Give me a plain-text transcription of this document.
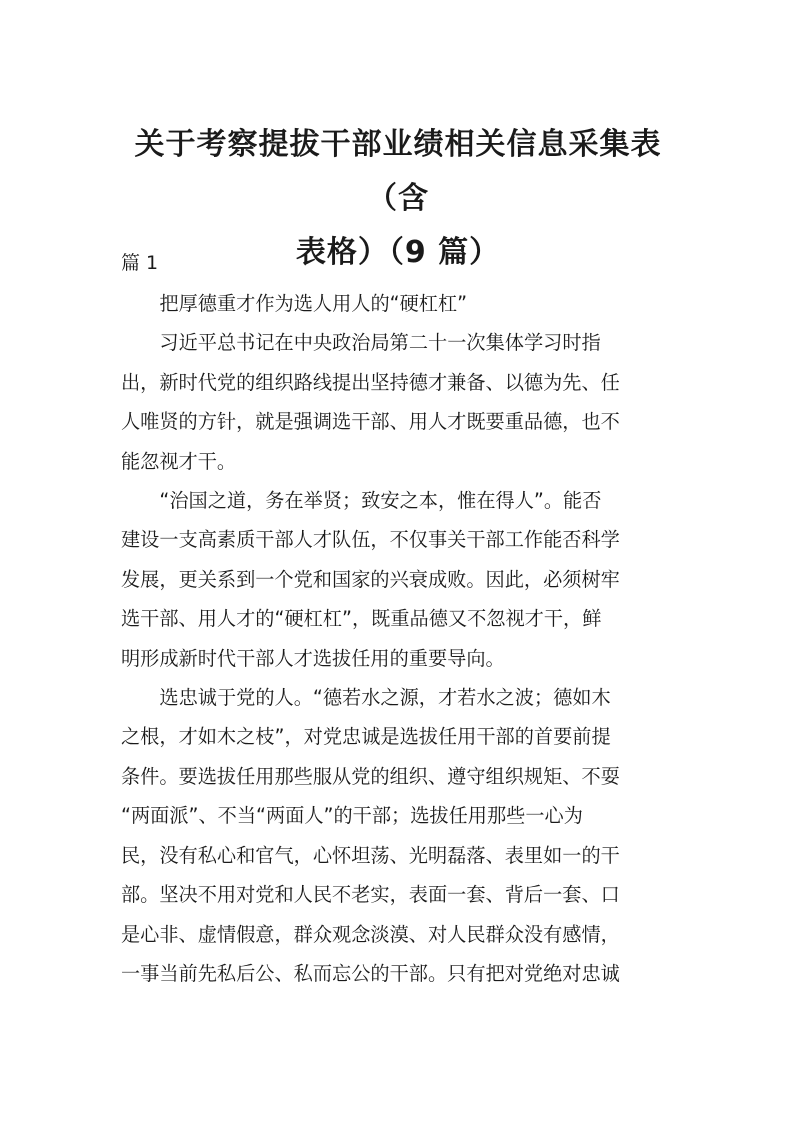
关于考察提拔干部业绩相关信息采集表（含
表格）（9 篇）
篇 1

把厚德重才作为选人用人的“硬杠杠”

习近平总书记在中央政治局第二十一次集体学习时指
出，新时代党的组织路线提出坚持德才兼备、以德为先、任
人唯贤的方针，就是强调选干部、用人才既要重品德，也不
能忽视才干。

“治国之道，务在举贤；致安之本，惟在得人”。能否
建设一支高素质干部人才队伍，不仅事关干部工作能否科学
发展，更关系到一个党和国家的兴衰成败。因此，必须树牢
选干部、用人才的“硬杠杠”，既重品德又不忽视才干，鲜
明形成新时代干部人才选拔任用的重要导向。

选忠诚于党的人。“德若水之源，才若水之波；德如木
之根，才如木之枝”，对党忠诚是选拔任用干部的首要前提
条件。要选拔任用那些服从党的组织、遵守组织规矩、不耍
“两面派”、不当“两面人”的干部；选拔任用那些一心为
民，没有私心和官气，心怀坦荡、光明磊落、表里如一的干
部。坚决不用对党和人民不老实，表面一套、背后一套、口
是心非、虚情假意，群众观念淡漠、对人民群众没有感情，
一事当前先私后公、私而忘公的干部。只有把对党绝对忠诚
